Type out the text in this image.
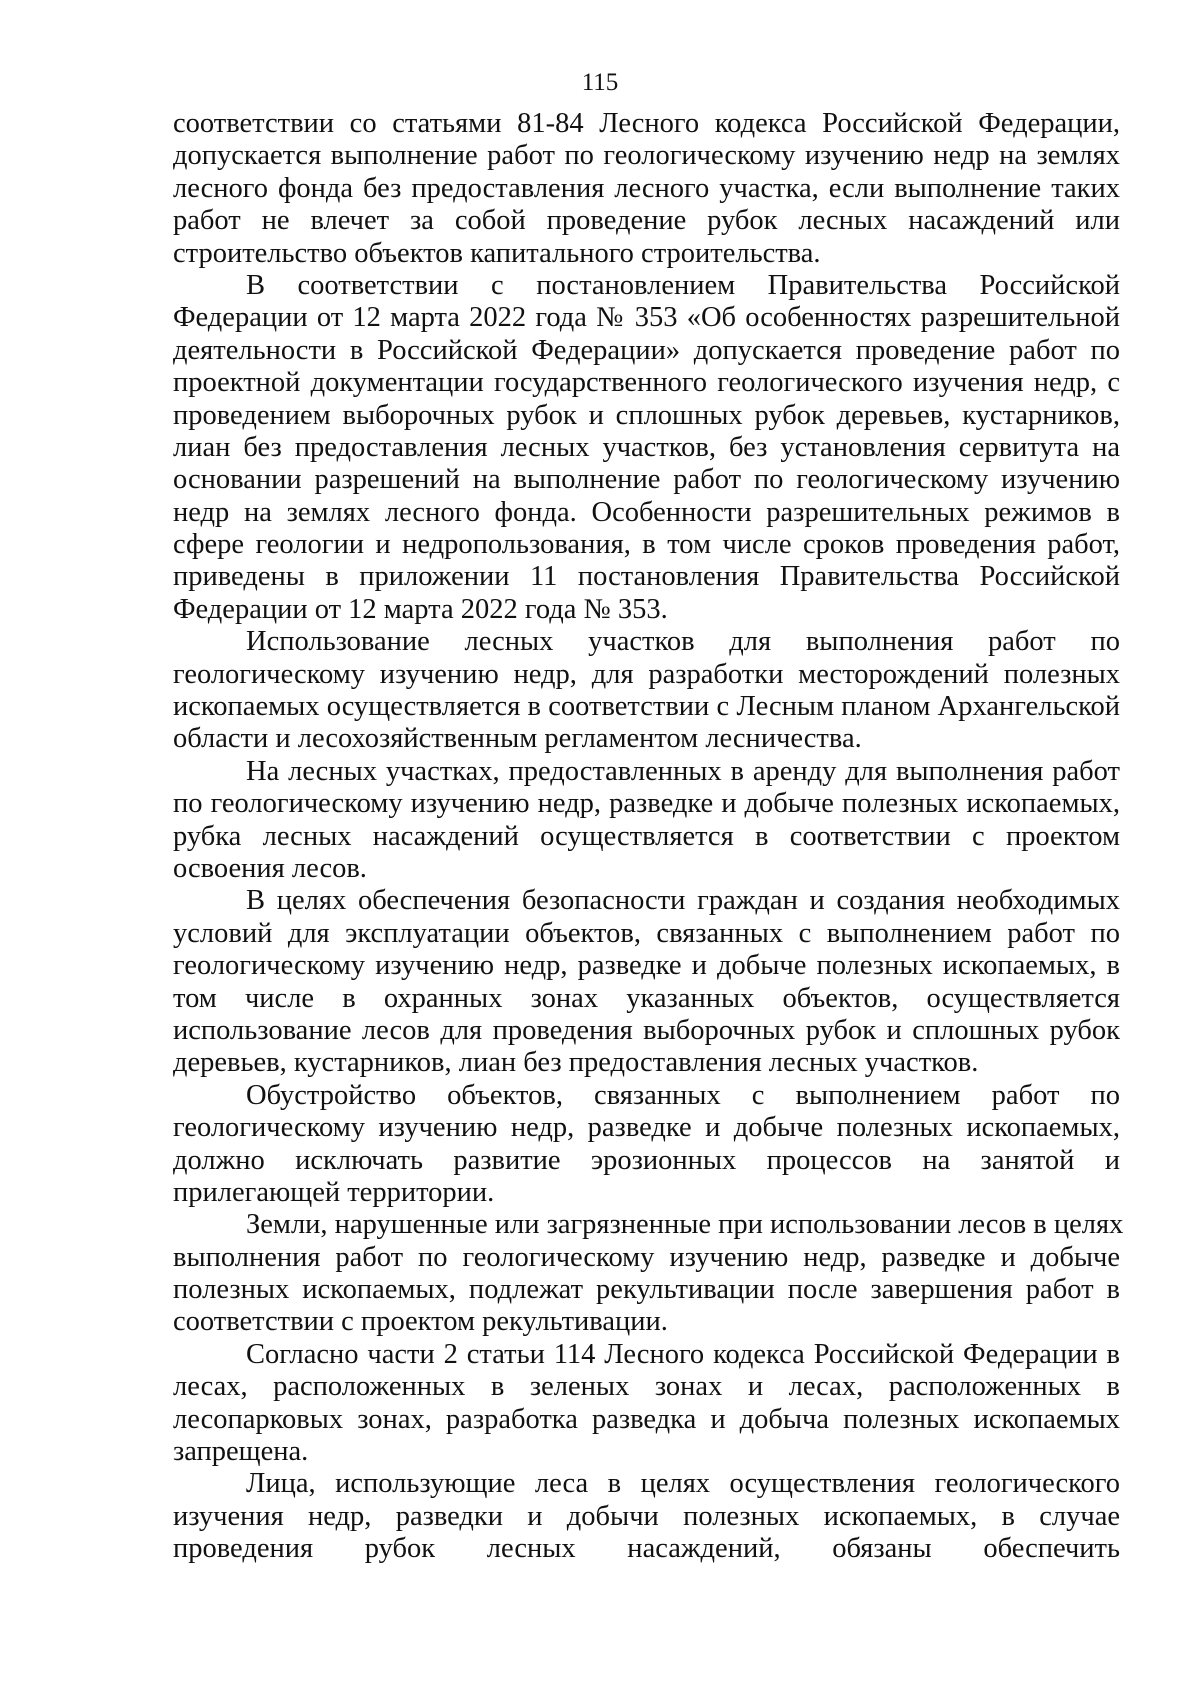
115
соответствии со статьями 81-84 Лесного кодекса Российской Федерации,
допускается выполнение работ по геологическому изучению недр на землях
лесного фонда без предоставления лесного участка, если выполнение таких
работ не влечет за собой проведение рубок лесных насаждений или
строительство объектов капитального строительства.
В соответствии с постановлением Правительства Российской
Федерации от 12 марта 2022 года № 353 «Об особенностях разрешительной
деятельности в Российской Федерации» допускается проведение работ по
проектной документации государственного геологического изучения недр, с
проведением выборочных рубок и сплошных рубок деревьев, кустарников,
лиан без предоставления лесных участков, без установления сервитута на
основании разрешений на выполнение работ по геологическому изучению
недр на землях лесного фонда. Особенности разрешительных режимов в
сфере геологии и недропользования, в том числе сроков проведения работ,
приведены в приложении 11 постановления Правительства Российской
Федерации от 12 марта 2022 года № 353.
Использование лесных участков для выполнения работ по
геологическому изучению недр, для разработки месторождений полезных
ископаемых осуществляется в соответствии с Лесным планом Архангельской
области и лесохозяйственным регламентом лесничества.
На лесных участках, предоставленных в аренду для выполнения работ
по геологическому изучению недр, разведке и добыче полезных ископаемых,
рубка лесных насаждений осуществляется в соответствии с проектом
освоения лесов.
В целях обеспечения безопасности граждан и создания необходимых
условий для эксплуатации объектов, связанных с выполнением работ по
геологическому изучению недр, разведке и добыче полезных ископаемых, в
том числе в охранных зонах указанных объектов, осуществляется
использование лесов для проведения выборочных рубок и сплошных рубок
деревьев, кустарников, лиан без предоставления лесных участков.
Обустройство объектов, связанных с выполнением работ по
геологическому изучению недр, разведке и добыче полезных ископаемых,
должно исключать развитие эрозионных процессов на занятой и
прилегающей территории.
Земли, нарушенные или загрязненные при использовании лесов в целях
выполнения работ по геологическому изучению недр, разведке и добыче
полезных ископаемых, подлежат рекультивации после завершения работ в
соответствии с проектом рекультивации.
Согласно части 2 статьи 114 Лесного кодекса Российской Федерации в
лесах, расположенных в зеленых зонах и лесах, расположенных в
лесопарковых зонах, разработка разведка и добыча полезных ископаемых
запрещена.
Лица, использующие леса в целях осуществления геологического
изучения недр, разведки и добычи полезных ископаемых, в случае
проведения рубок лесных насаждений, обязаны обеспечить
